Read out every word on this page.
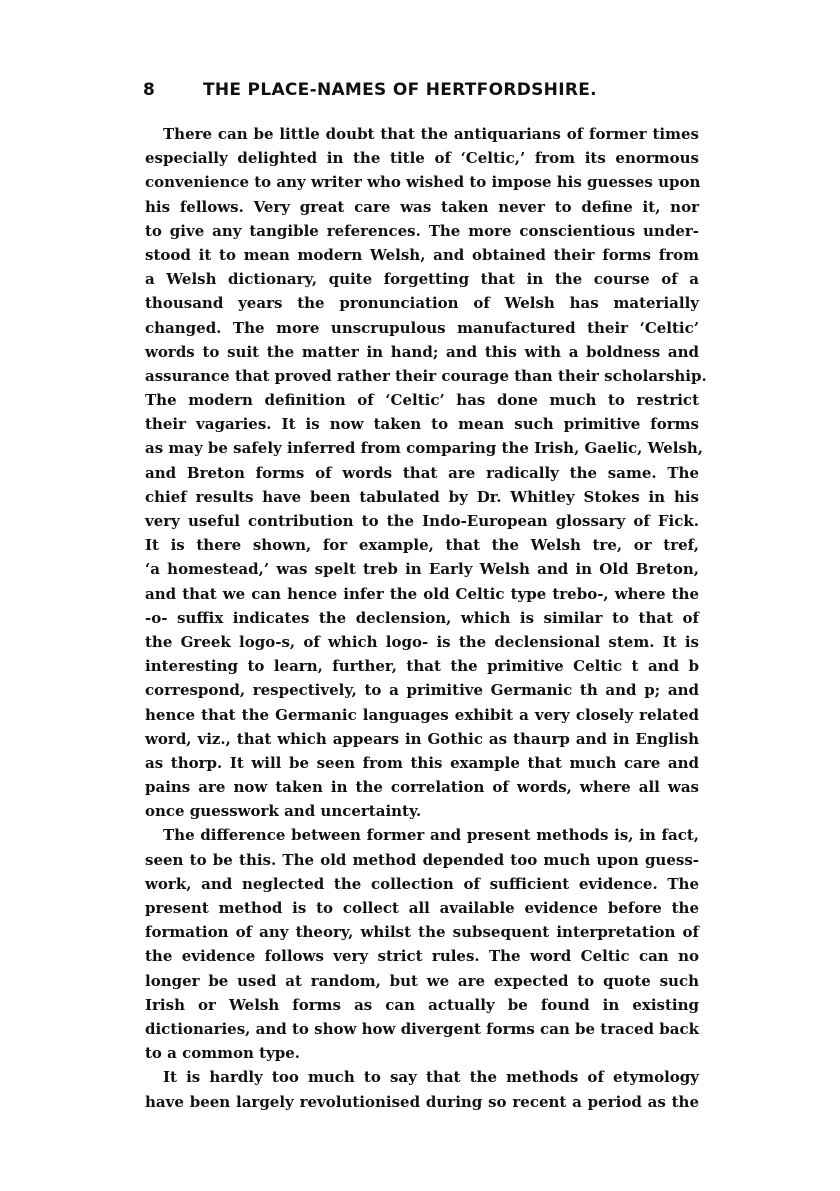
8	THE PLACE-NAMES OF HERTFORDSHIRE.
There can be little doubt that the antiquarians of former times
especially delighted in the title of ‘Celtic,’ from its enormous
convenience to any writer who wished to impose his guesses upon
his fellows. Very great care was taken never to define it, nor
to give any tangible references. The more conscientious under-
stood it to mean modern Welsh, and obtained their forms from
a Welsh dictionary, quite forgetting that in the course of a
thousand years the pronunciation of Welsh has materially
changed. The more unscrupulous manufactured their ‘Celtic’
words to suit the matter in hand; and this with a boldness and
assurance that proved rather their courage than their scholarship.
The modern definition of ‘Celtic’ has done much to restrict
their vagaries. It is now taken to mean such primitive forms
as may be safely inferred from comparing the Irish, Gaelic, Welsh,
and Breton forms of words that are radically the same. The
chief results have been tabulated by Dr. Whitley Stokes in his
very useful contribution to the Indo-European glossary of Fick.
It is there shown, for example, that the Welsh tre, or tref,
‘a homestead,’ was spelt treb in Early Welsh and in Old Breton,
and that we can hence infer the old Celtic type trebo-, where the
-o- suffix indicates the declension, which is similar to that of
the Greek logo-s, of which logo- is the declensional stem. It is
interesting to learn, further, that the primitive Celtic t and b
correspond, respectively, to a primitive Germanic th and p; and
hence that the Germanic languages exhibit a very closely related
word, viz., that which appears in Gothic as thaurp and in English
as thorp. It will be seen from this example that much care and
pains are now taken in the correlation of words, where all was
once guesswork and uncertainty.
The difference between former and present methods is, in fact,
seen to be this. The old method depended too much upon guess-
work, and neglected the collection of sufficient evidence. The
present method is to collect all available evidence before the
formation of any theory, whilst the subsequent interpretation of
the evidence follows very strict rules. The word Celtic can no
longer be used at random, but we are expected to quote such
Irish or Welsh forms as can actually be found in existing
dictionaries, and to show how divergent forms can be traced back
to a common type.
It is hardly too much to say that the methods of etymology
have been largely revolutionised during so recent a period as the
